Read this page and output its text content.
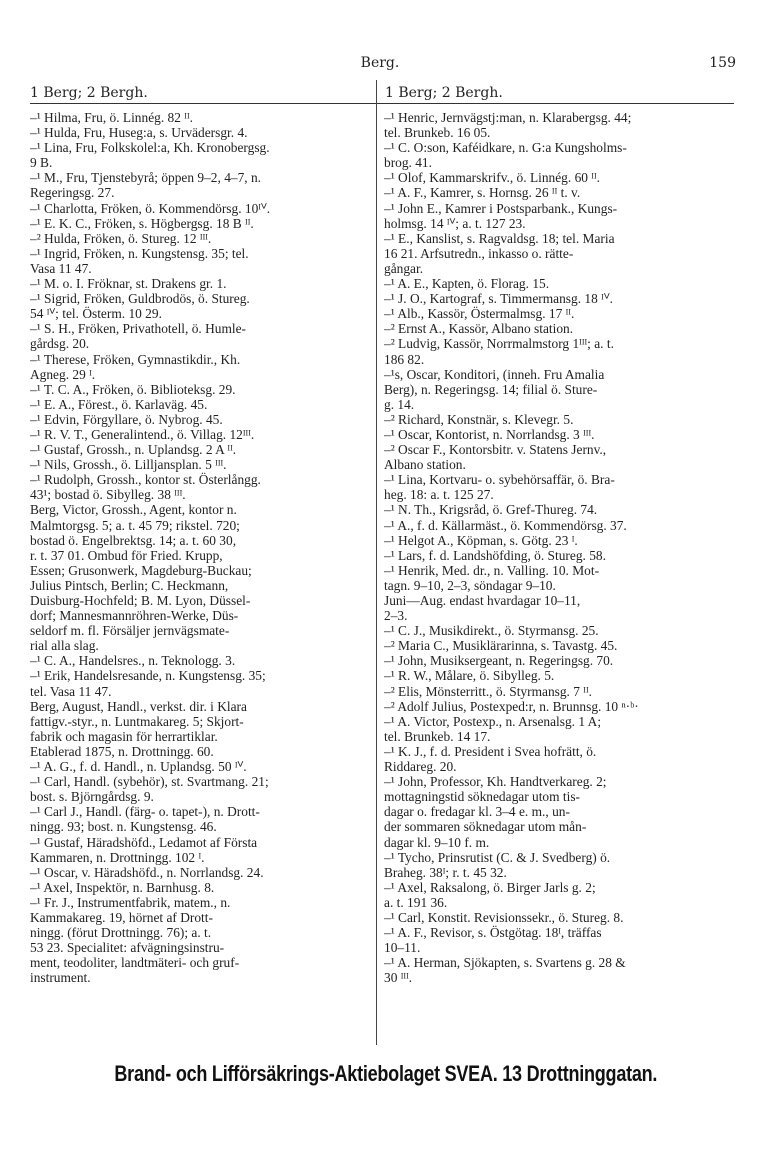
Berg.	159
1 Berg; 2 Bergh.	1 Berg; 2 Bergh.
–¹ Hilma, Fru, ö. Linnég. 82 ᴵᴵ.
–¹ Hulda, Fru, Huseg:a, s. Urvädersgr. 4.
–¹ Lina, Fru, Folkskolel:a, Kh. Kronobergsg.
9 B.
–¹ M., Fru, Tjenstebyrå; öppen 9–2, 4–7, n.
Regeringsg. 27.
–¹ Charlotta, Fröken, ö. Kommendörsg. 10ᴵⱽ.
–¹ E. K. C., Fröken, s. Högbergsg. 18 B ᴵᴵ.
–² Hulda, Fröken, ö. Stureg. 12 ᴵᴵᴵ.
–¹ Ingrid, Fröken, n. Kungstensg. 35; tel.
Vasa 11 47.
–¹ M. o. I. Fröknar, st. Drakens gr. 1.
–¹ Sigrid, Fröken, Guldbrodös, ö. Stureg.
54 ᴵⱽ; tel. Österm. 10 29.
–¹ S. H., Fröken, Privathotell, ö. Humle-
gårdsg. 20.
–¹ Therese, Fröken, Gymnastikdir., Kh.
Agneg. 29 ᴵ.
–¹ T. C. A., Fröken, ö. Biblioteksg. 29.
–¹ E. A., Förest., ö. Karlaväg. 45.
–¹ Edvin, Förgyllare, ö. Nybrog. 45.
–¹ R. V. T., Generalintend., ö. Villag. 12ᴵᴵᴵ.
–¹ Gustaf, Grossh., n. Uplandsg. 2 A ᴵᴵ.
–¹ Nils, Grossh., ö. Lilljansplan. 5 ᴵᴵᴵ.
–¹ Rudolph, Grossh., kontor st. Österlångg.
43¹; bostad ö. Sibylleg. 38 ᴵᴵᴵ.
Berg, Victor, Grossh., Agent, kontor n.
Malmtorgsg. 5; a. t. 45 79; rikstel. 720;
bostad ö. Engelbrektsg. 14; a. t. 60 30,
r. t. 37 01. Ombud för Fried. Krupp,
Essen; Grusonwerk, Magdeburg-Buckau;
Julius Pintsch, Berlin; C. Heckmann,
Duisburg-Hochfeld; B. M. Lyon, Düssel-
dorf; Mannesmannröhren-Werke, Düs-
seldorf m. fl. Försäljer jernvägsmate-
rial alla slag.
–¹ C. A., Handelsres., n. Teknologg. 3.
–¹ Erik, Handelsresande, n. Kungstensg. 35;
tel. Vasa 11 47.
Berg, August, Handl., verkst. dir. i Klara
fattigv.-styr., n. Luntmakareg. 5; Skjort-
fabrik och magasin för herrartiklar.
Etablerad 1875, n. Drottningg. 60.
–¹ A. G., f. d. Handl., n. Uplandsg. 50 ᴵⱽ.
–¹ Carl, Handl. (sybehör), st. Svartmang. 21;
bost. s. Björngårdsg. 9.
–¹ Carl J., Handl. (färg- o. tapet-), n. Drott-
ningg. 93; bost. n. Kungstensg. 46.
–¹ Gustaf, Häradshöfd., Ledamot af Första
Kammaren, n. Drottningg. 102 ᴵ.
–¹ Oscar, v. Häradshöfd., n. Norrlandsg. 24.
–¹ Axel, Inspektör, n. Barnhusg. 8.
–¹ Fr. J., Instrumentfabrik, matem., n.
Kammakareg. 19, hörnet af Drott-
ningg. (förut Drottningg. 76); a. t.
53 23. Specialitet: afvägningsinstru-
ment, teodoliter, landtmäteri- och gruf-
instrument.
–¹ Henric, Jernvägstj:man, n. Klarabergsg. 44;
tel. Brunkeb. 16 05.
–¹ C. O:son, Kaféidkare, n. G:a Kungsholms-
brog. 41.
–¹ Olof, Kammarskrifv., ö. Linnég. 60 ᴵᴵ.
–¹ A. F., Kamrer, s. Hornsg. 26 ᴵᴵ t. v.
–¹ John E., Kamrer i Postsparbank., Kungs-
holmsg. 14 ᴵⱽ; a. t. 127 23.
–¹ E., Kanslist, s. Ragvaldsg. 18; tel. Maria
16 21. Arfsutredn., inkasso o. rätte-
gångar.
–¹ A. E., Kapten, ö. Florag. 15.
–¹ J. O., Kartograf, s. Timmermansg. 18 ᴵⱽ.
–¹ Alb., Kassör, Östermalmsg. 17 ᴵᴵ.
–² Ernst A., Kassör, Albano station.
–² Ludvig, Kassör, Norrmalmstorg 1ᴵᴵᴵ; a. t.
186 82.
–¹s, Oscar, Konditori, (inneh. Fru Amalia
Berg), n. Regeringsg. 14; filial ö. Sture-
g. 14.
–² Richard, Konstnär, s. Klevegr. 5.
–¹ Oscar, Kontorist, n. Norrlandsg. 3 ᴵᴵᴵ.
–² Oscar F., Kontorsbitr. v. Statens Jernv.,
Albano station.
–¹ Lina, Kortvaru- o. sybehörsaffär, ö. Bra-
heg. 18: a. t. 125 27.
–¹ N. Th., Krigsråd, ö. Gref-Thureg. 74.
–¹ A., f. d. Källarmäst., ö. Kommendörsg. 37.
–¹ Helgot A., Köpman, s. Götg. 23 ᴵ.
–¹ Lars, f. d. Landshöfding, ö. Stureg. 58.
–¹ Henrik, Med. dr., n. Valling. 10. Mot-
tagn. 9–10, 2–3, söndagar 9–10.
Juni—Aug. endast hvardagar 10–11,
2–3.
–¹ C. J., Musikdirekt., ö. Styrmansg. 25.
–² Maria C., Musiklärarinna, s. Tavastg. 45.
–¹ John, Musiksergeant, n. Regeringsg. 70.
–¹ R. W., Målare, ö. Sibylleg. 5.
–² Elis, Mönsterritt., ö. Styrmansg. 7 ᴵᴵ.
–² Adolf Julius, Postexped:r, n. Brunnsg. 10 ⁿ·ᵇ·
–¹ A. Victor, Postexp., n. Arsenalsg. 1 A;
tel. Brunkeb. 14 17.
–¹ K. J., f. d. President i Svea hofrätt, ö.
Riddareg. 20.
–¹ John, Professor, Kh. Handtverkareg. 2;
mottagningstid söknedagar utom tis-
dagar o. fredagar kl. 3–4 e. m., un-
der sommaren söknedagar utom mån-
dagar kl. 9–10 f. m.
–¹ Tycho, Prinsrutist (C. & J. Svedberg) ö.
Braheg. 38ᴵ; r. t. 45 32.
–¹ Axel, Raksalong, ö. Birger Jarls g. 2;
a. t. 191 36.
–¹ Carl, Konstit. Revisionssekr., ö. Stureg. 8.
–¹ A. F., Revisor, s. Östgötag. 18ᴵ, träffas
10–11.
–¹ A. Herman, Sjökapten, s. Svartens g. 28 &
30 ᴵᴵᴵ.
Brand- och Lifförsäkrings-Aktiebolaget SVEA. 13 Drottninggatan.
